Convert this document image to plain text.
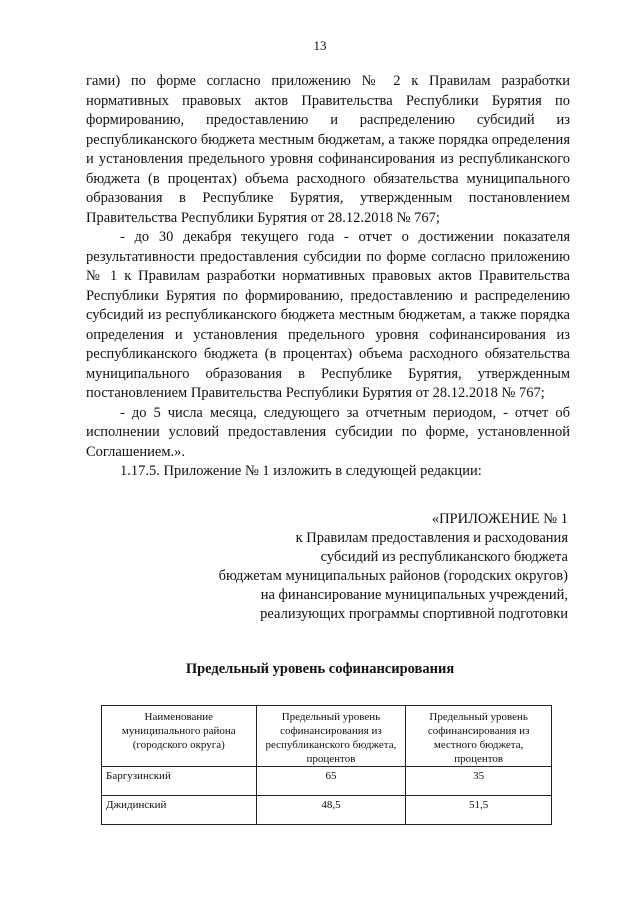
13

гами) по форме согласно приложению № 2 к Правилам разработки нормативных правовых актов Правительства Республики Бурятия по формированию, предоставлению и распределению субсидий из республиканского бюджета местным бюджетам, а также порядка определения и установления предельного уровня софинансирования из республиканского бюджета (в процентах) объема расходного обязательства муниципального образования в Республике Бурятия, утвержденным постановлением Правительства Республики Бурятия от 28.12.2018 № 767;

- до 30 декабря текущего года - отчет о достижении показателя результативности предоставления субсидии по форме согласно приложению № 1 к Правилам разработки нормативных правовых актов Правительства Республики Бурятия по формированию, предоставлению и распределению субсидий из республиканского бюджета местным бюджетам, а также порядка определения и установления предельного уровня софинансирования из республиканского бюджета (в процентах) объема расходного обязательства муниципального образования в Республике Бурятия, утвержденным постановлением Правительства Республики Бурятия от 28.12.2018 № 767;

- до 5 числа месяца, следующего за отчетным периодом, - отчет об исполнении условий предоставления субсидии по форме, установленной Соглашением.».

1.17.5. Приложение № 1 изложить в следующей редакции:

«ПРИЛОЖЕНИЕ № 1
к Правилам предоставления и расходования
субсидий из республиканского бюджета
бюджетам муниципальных районов (городских округов)
на финансирование муниципальных учреждений,
реализующих программы спортивной подготовки
Предельный уровень софинансирования
Наименование муниципального района (городского округа)	Предельный уровень софинансирования из республиканского бюджета, процентов	Предельный уровень софинансирования из местного бюджета, процентов
Баргузинский	65	35
Джидинский	48,5	51,5
